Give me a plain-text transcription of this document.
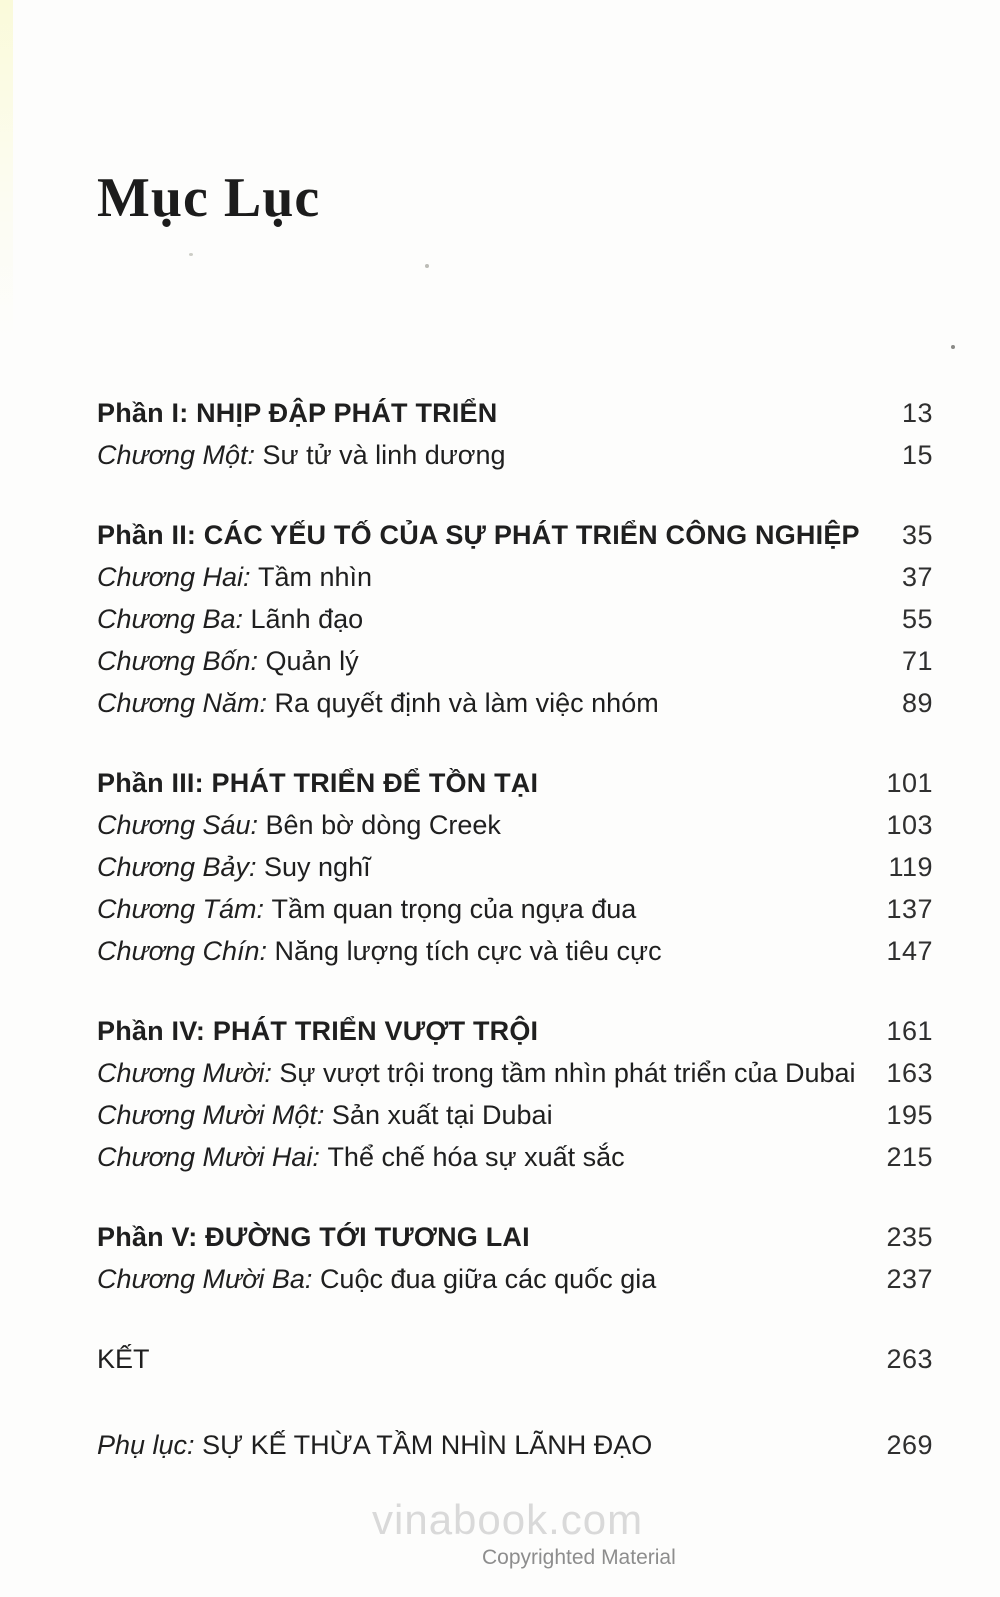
Mục Lục
Phần I: NHỊP ĐẬP PHÁT TRIỂN	13
Chương Một: Sư tử và linh dương	15
Phần II: CÁC YẾU TỐ CỦA SỰ PHÁT TRIỂN CÔNG NGHIỆP	35
Chương Hai: Tầm nhìn	37
Chương Ba: Lãnh đạo	55
Chương Bốn: Quản lý	71
Chương Năm: Ra quyết định và làm việc nhóm	89
Phần III: PHÁT TRIỂN ĐỂ TỒN TẠI	101
Chương Sáu: Bên bờ dòng Creek	103
Chương Bảy: Suy nghĩ	119
Chương Tám: Tầm quan trọng của ngựa đua	137
Chương Chín: Năng lượng tích cực và tiêu cực	147
Phần IV: PHÁT TRIỂN VƯỢT TRỘI	161
Chương Mười: Sự vượt trội trong tầm nhìn phát triển của Dubai	163
Chương Mười Một: Sản xuất tại Dubai	195
Chương Mười Hai: Thể chế hóa sự xuất sắc	215
Phần V: ĐƯỜNG TỚI TƯƠNG LAI	235
Chương Mười Ba: Cuộc đua giữa các quốc gia	237
KẾT	263
Phụ lục: SỰ KẾ THỪA TẦM NHÌN LÃNH ĐẠO	269
vinabook.com
Copyrighted Material
